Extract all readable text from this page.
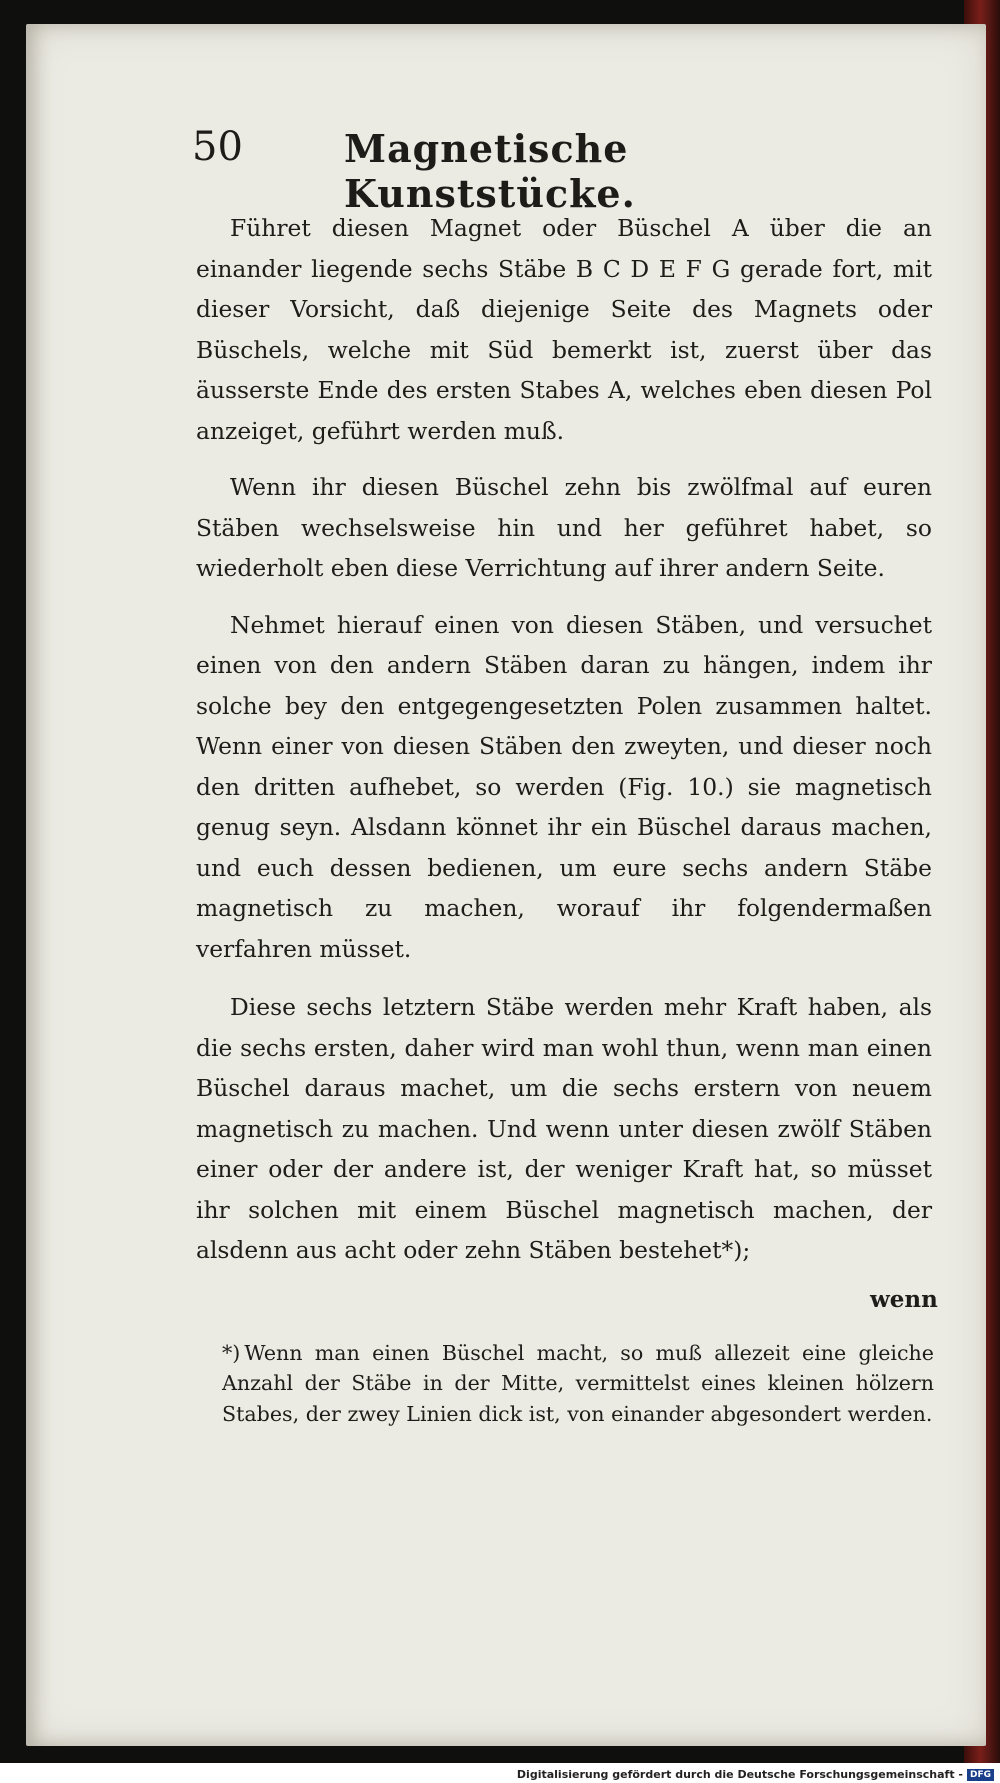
50	Magnetische Kunststücke.

Führet diesen Magnet oder Büschel A über die an einander liegende sechs Stäbe B C D E F G gerade fort, mit dieser Vorsicht, daß diejenige Seite des Magnets oder Büschels, welche mit Süd bemerkt ist, zuerst über das äusserste Ende des ersten Stabes A, welches eben diesen Pol anzeiget, geführt werden muß.

Wenn ihr diesen Büschel zehn bis zwölfmal auf euren Stäben wechselsweise hin und her geführet habet, so wiederholt eben diese Verrichtung auf ihrer andern Seite.

Nehmet hierauf einen von diesen Stäben, und versuchet einen von den andern Stäben daran zu hängen, indem ihr solche bey den entgegengesetzten Polen zusammen haltet. Wenn einer von diesen Stäben den zweyten, und dieser noch den dritten aufhebet, so werden (Fig. 10.) sie magnetisch genug seyn. Alsdann könnet ihr ein Büschel daraus machen, und euch dessen bedienen, um eure sechs andern Stäbe magnetisch zu machen, worauf ihr folgendermaßen verfahren müsset.

Diese sechs letztern Stäbe werden mehr Kraft haben, als die sechs ersten, daher wird man wohl thun, wenn man einen Büschel daraus machet, um die sechs erstern von neuem magnetisch zu machen. Und wenn unter diesen zwölf Stäben einer oder der andere ist, der weniger Kraft hat, so müsset ihr solchen mit einem Büschel magnetisch machen, der alsdenn aus acht oder zehn Stäben bestehet*);

wenn
*) Wenn man einen Büschel macht, so muß allezeit eine gleiche Anzahl der Stäbe in der Mitte, vermittelst eines kleinen hölzern Stabes, der zwey Linien dick ist, von einander abgesondert werden.
Digitalisierung gefördert durch die Deutsche Forschungsgemeinschaft - DFG
